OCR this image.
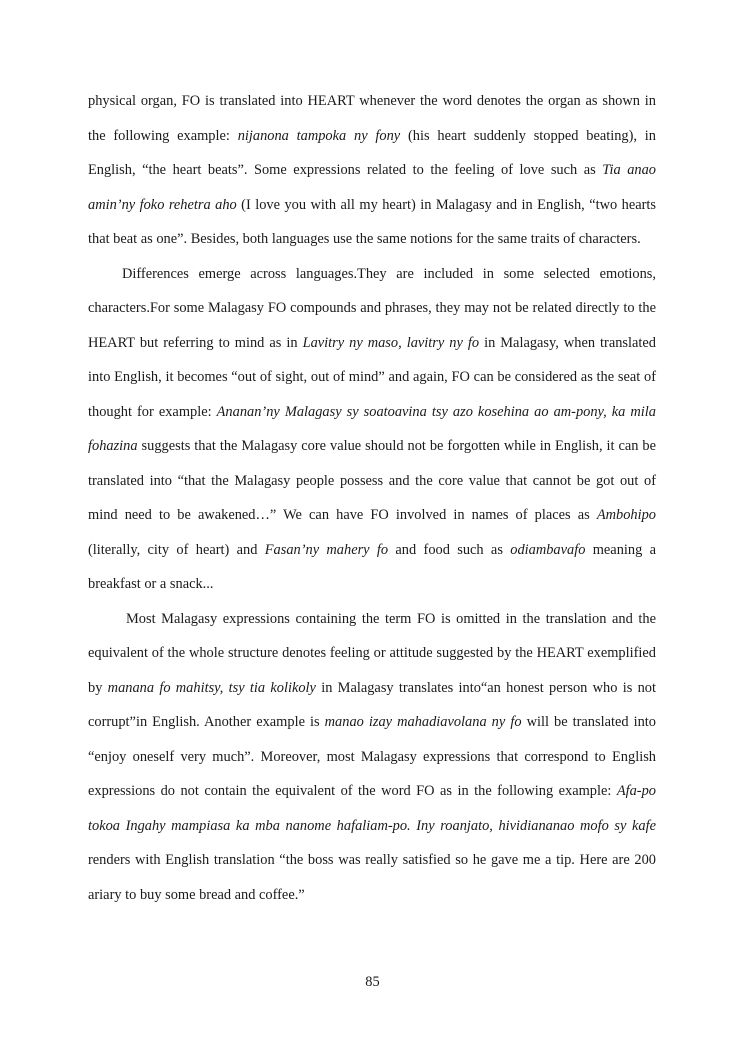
physical organ, FO is translated into HEART whenever the word denotes the organ as shown in the following example: nijanona tampoka ny fony (his heart suddenly stopped beating), in English, “the heart beats”. Some expressions related to the feeling of love such as Tia anao amin’ny foko rehetra aho (I love you with all my heart) in Malagasy and in English, “two hearts that beat as one”. Besides, both languages use the same notions for the same traits of characters.

Differences emerge across languages.They are included in some selected emotions, characters.For some Malagasy FO compounds and phrases, they may not be related directly to the HEART but referring to mind as in Lavitry ny maso, lavitry ny fo in Malagasy, when translated into English, it becomes “out of sight, out of mind” and again, FO can be considered as the seat of thought for example: Ananan’ny Malagasy sy soatoavina tsy azo kosehina ao am-pony, ka mila fohazina suggests that the Malagasy core value should not be forgotten while in English, it can be translated into “that the Malagasy people possess and the core value that cannot be got out of mind need to be awakened…” We can have FO involved in names of places as Ambohipo (literally, city of heart) and Fasan’ny mahery fo and food such as odiambavafo meaning a breakfast or a snack...

Most Malagasy expressions containing the term FO is omitted in the translation and the equivalent of the whole structure denotes feeling or attitude suggested by the HEART exemplified by manana fo mahitsy, tsy tia kolikoly in Malagasy translates into“an honest person who is not corrupt”in English. Another example is manao izay mahadiavolana ny fo will be translated into “enjoy oneself very much”. Moreover, most Malagasy expressions that correspond to English expressions do not contain the equivalent of the word FO as in the following example: Afa-po tokoa Ingahy mampiasa ka mba nanome hafaliam-po. Iny roanjato, hividiananao mofo sy kafe renders with English translation “the boss was really satisfied so he gave me a tip. Here are 200 ariary to buy some bread and coffee.”

85
